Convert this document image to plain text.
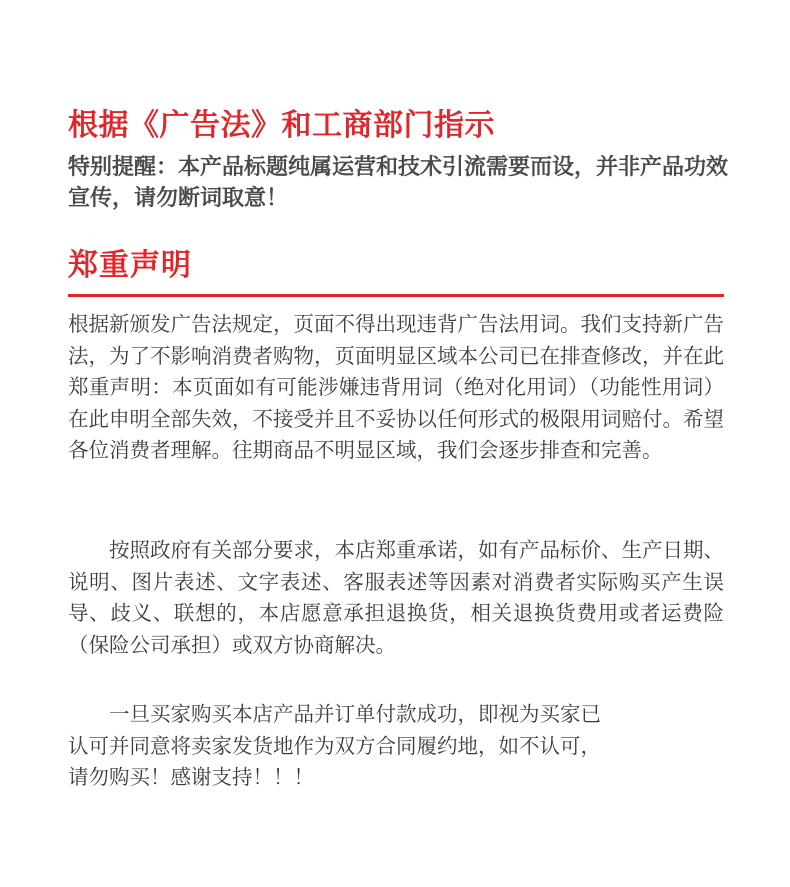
根据《广告法》和工商部门指示

特别提醒：本产品标题纯属运营和技术引流需要而设，并非产品功效宣传，请勿断词取意！

郑重声明

根据新颁发广告法规定，页面不得出现违背广告法用词。我们支持新广告法，为了不影响消费者购物，页面明显区域本公司已在排查修改，并在此郑重声明：本页面如有可能涉嫌违背用词（绝对化用词）（功能性用词）在此申明全部失效，不接受并且不妥协以任何形式的极限用词赔付。希望各位消费者理解。往期商品不明显区域，我们会逐步排查和完善。

按照政府有关部分要求，本店郑重承诺，如有产品标价、生产日期、说明、图片表述、文字表述、客服表述等因素对消费者实际购买产生误导、歧义、联想的，本店愿意承担退换货，相关退换货费用或者运费险（保险公司承担）或双方协商解决。

一旦买家购买本店产品并订单付款成功，即视为买家已
认可并同意将卖家发货地作为双方合同履约地，如不认可，
请勿购买！感谢支持！！！
